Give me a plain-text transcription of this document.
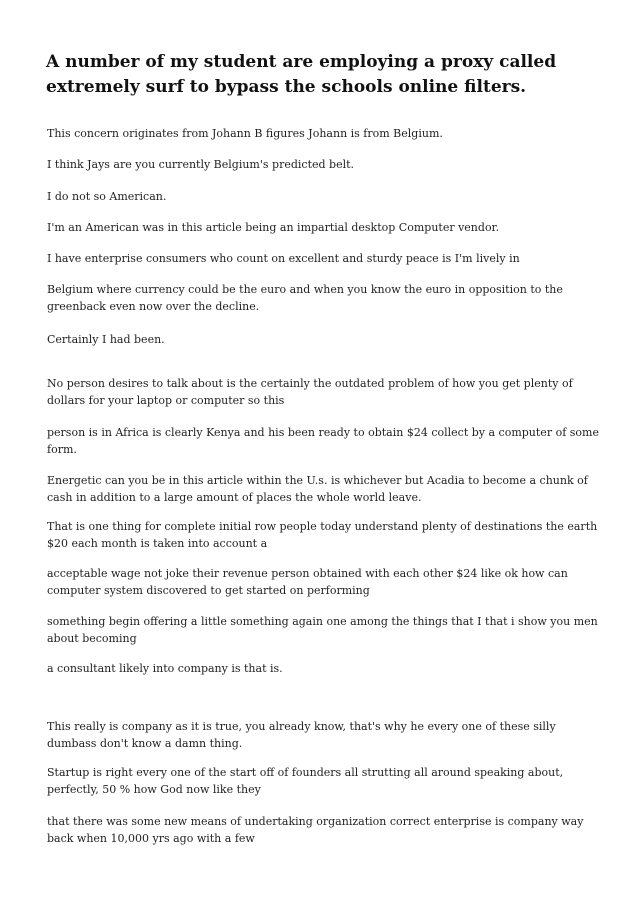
A number of my student are employing a proxy called extremely surf to bypass the schools online filters.

This concern originates from Johann B figures Johann is from Belgium.

I think Jays are you currently Belgium's predicted belt.

I do not so American.

I'm an American was in this article being an impartial desktop Computer vendor.

I have enterprise consumers who count on excellent and sturdy peace is I'm lively in

Belgium where currency could be the euro and when you know the euro in opposition to the greenback even now over the decline.

Certainly I had been.

No person desires to talk about is the certainly the outdated problem of how you get plenty of dollars for your laptop or computer so this

person is in Africa is clearly Kenya and his been ready to obtain $24 collect by a computer of some form.

Energetic can you be in this article within the U.s. is whichever but Acadia to become a chunk of cash in addition to a large amount of places the whole world leave.

That is one thing for complete initial row people today understand plenty of destinations the earth $20 each month is taken into account a

acceptable wage not joke their revenue person obtained with each other $24 like ok how can computer system discovered to get started on performing

something begin offering a little something again one among the things that I that i show you men about becoming

a consultant likely into company is that is.

This really is company as it is true, you already know, that's why he every one of these silly dumbass don't know a damn thing.

Startup is right every one of the start off of founders all strutting all around speaking about, perfectly, 50 % how God now like they

that there was some new means of undertaking organization correct enterprise is company way back when 10,000 yrs ago with a few
